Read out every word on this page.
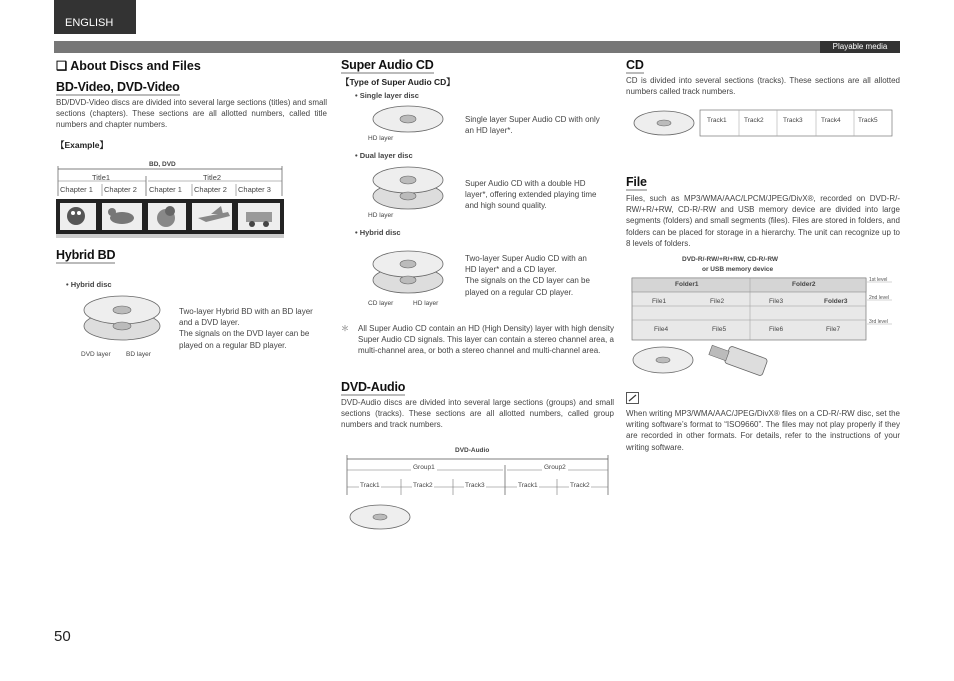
ENGLISH
Playable media
❑ About Discs and Files
BD-Video, DVD-Video
BD/DVD-Video discs are divided into several large sections (titles) and small sections (chapters). These sections are all allotted numbers, called title numbers and chapter numbers.
【Example】
BD, DVD
Title1	Title2
Chapter 1 Chapter 2 Chapter 1 Chapter 2 Chapter 3
Hybrid BD
• Hybrid disc
DVD layer BD layer
Two-layer Hybrid BD with an BD layer and a DVD layer.
The signals on the DVD layer can be played on a regular BD player.
Super Audio CD
【Type of Super Audio CD】
• Single layer disc
HD layer
Single layer Super Audio CD with only an HD layer*.
• Dual layer disc
HD layer
Super Audio CD with a double HD layer*, offering extended playing time and high sound quality.
• Hybrid disc
CD layer	HD layer
Two-layer Super Audio CD with an HD layer* and a CD layer.
The signals on the CD layer can be played on a regular CD player.
＊ All Super Audio CD contain an HD (High Density) layer with high density Super Audio CD signals. This layer can contain a stereo channel area, a multi-channel area, or both a stereo channel and multi-channel area.
DVD-Audio
DVD-Audio discs are divided into several large sections (groups) and small sections (tracks). These sections are all allotted numbers, called group numbers and track numbers.
DVD-Audio
Group1	Group2
Track1	Track2	Track3	Track1	Track2
CD
CD is divided into several sections (tracks). These sections are all allotted numbers called track numbers.
Track1	Track2	Track3	Track4	Track5
File
Files, such as MP3/WMA/AAC/LPCM/JPEG/DivX®, recorded on DVD-R/-RW/+R/+RW, CD-R/-RW and USB memory device are divided into large segments (folders) and small segments (files). Files are stored in folders, and folders can be placed for storage in a hierarchy. The unit can recognize up to 8 levels of folders.
DVD-R/-RW/+R/+RW, CD-R/-RW
or USB memory device
Folder1	Folder2
File1	File2	File3	Folder3
File4	File5	File6	File7
1st level
2nd level
3rd level
When writing MP3/WMA/AAC/JPEG/DivX® files on a CD-R/-RW disc, set the writing software’s format to “ISO9660”. The files may not play properly if they are recorded in other formats. For details, refer to the instructions of your writing software.
50
